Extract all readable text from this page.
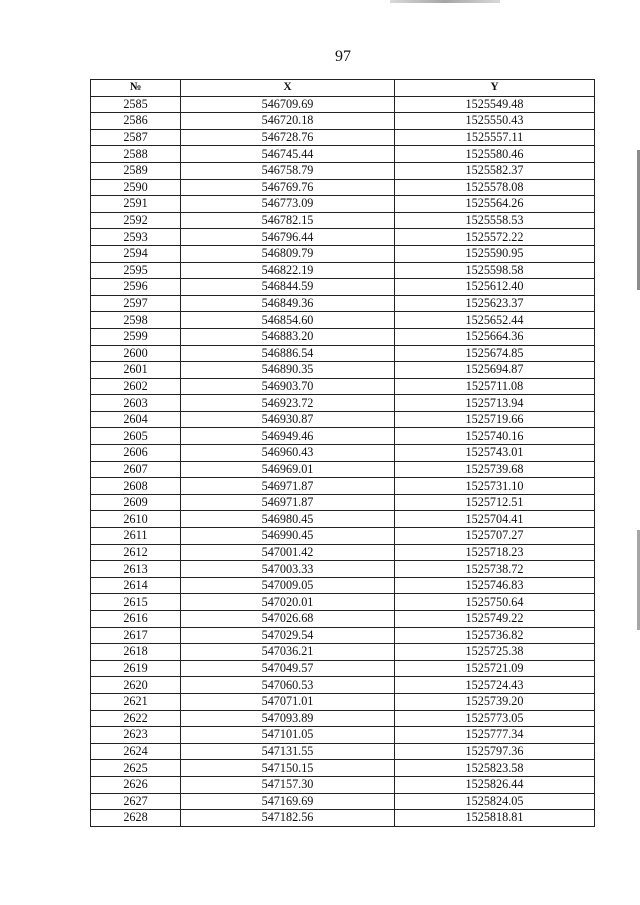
97
№	X	Y
2585	546709.69	1525549.48
2586	546720.18	1525550.43
2587	546728.76	1525557.11
2588	546745.44	1525580.46
2589	546758.79	1525582.37
2590	546769.76	1525578.08
2591	546773.09	1525564.26
2592	546782.15	1525558.53
2593	546796.44	1525572.22
2594	546809.79	1525590.95
2595	546822.19	1525598.58
2596	546844.59	1525612.40
2597	546849.36	1525623.37
2598	546854.60	1525652.44
2599	546883.20	1525664.36
2600	546886.54	1525674.85
2601	546890.35	1525694.87
2602	546903.70	1525711.08
2603	546923.72	1525713.94
2604	546930.87	1525719.66
2605	546949.46	1525740.16
2606	546960.43	1525743.01
2607	546969.01	1525739.68
2608	546971.87	1525731.10
2609	546971.87	1525712.51
2610	546980.45	1525704.41
2611	546990.45	1525707.27
2612	547001.42	1525718.23
2613	547003.33	1525738.72
2614	547009.05	1525746.83
2615	547020.01	1525750.64
2616	547026.68	1525749.22
2617	547029.54	1525736.82
2618	547036.21	1525725.38
2619	547049.57	1525721.09
2620	547060.53	1525724.43
2621	547071.01	1525739.20
2622	547093.89	1525773.05
2623	547101.05	1525777.34
2624	547131.55	1525797.36
2625	547150.15	1525823.58
2626	547157.30	1525826.44
2627	547169.69	1525824.05
2628	547182.56	1525818.81
